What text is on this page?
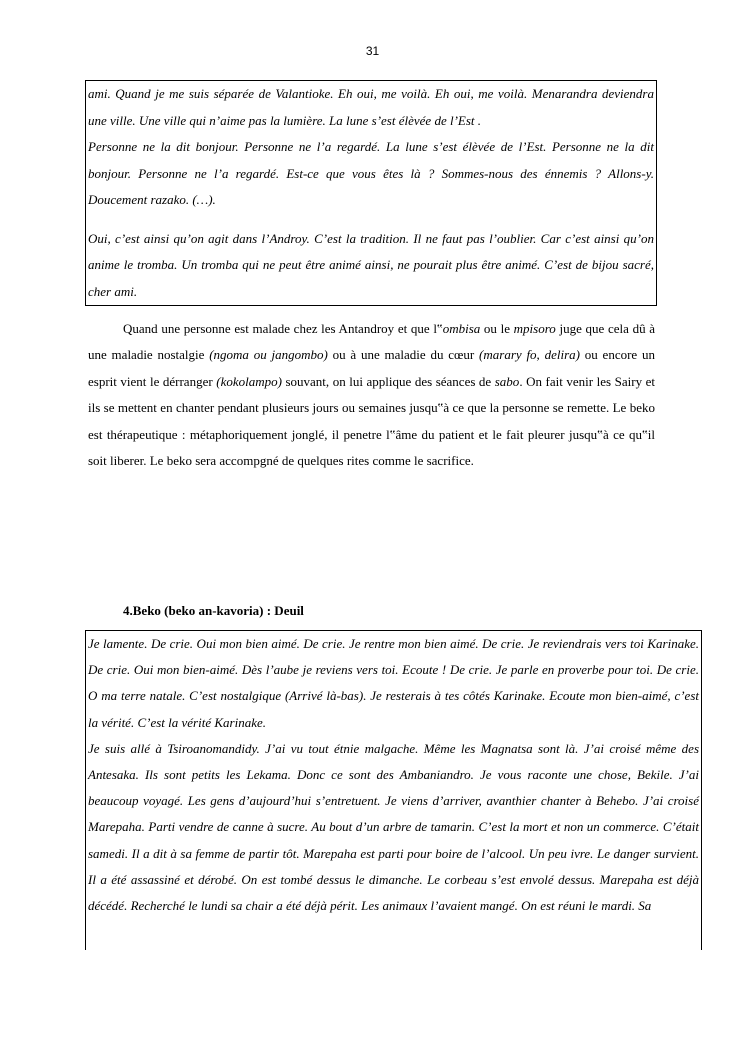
31

ami. Quand je me suis séparée de Valantioke. Eh oui, me voilà. Eh oui, me voilà. Menarandra deviendra une ville. Une ville qui n’aime pas la lumière. La lune s’est élèvée de l’Est .

Personne ne la dit bonjour. Personne ne l’a regardé. La lune s’est élèvée de l’Est. Personne ne la dit bonjour. Personne ne l’a regardé. Est-ce que vous êtes là ? Sommes-nous des énnemis ? Allons-y. Doucement razako. (…).

Oui, c’est ainsi qu’on agit dans l’Androy. C’est la tradition. Il ne faut pas l’oublier. Car c’est ainsi qu’on anime le tromba. Un tromba qui ne peut être animé ainsi, ne pourait plus être animé. C’est de bijou sacré, cher ami.

Quand une personne est malade chez les Antandroy et que l‟ombisa ou le mpisoro juge que cela dû à une maladie nostalgie (ngoma ou jangombo) ou à une maladie du cœur (marary fo, delira) ou encore un esprit vient le dérranger (kokolampo) souvant, on lui applique des séances de sabo. On fait venir les Sairy et ils se mettent en chanter pendant plusieurs jours ou semaines jusqu‟à ce que la personne se remette. Le beko est thérapeutique : métaphoriquement jonglé, il penetre l‟âme du patient et le fait pleurer jusqu‟à ce qu‟il soit liberer. Le beko sera accompgné de quelques rites comme le sacrifice.

4.Beko (beko an-kavoria) : Deuil

Je lamente. De crie. Oui mon bien aimé. De crie. Je rentre mon bien aimé. De crie. Je reviendrais vers toi Karinake. De crie. Oui mon bien-aimé. Dès l’aube je reviens vers toi. Ecoute ! De crie. Je parle en proverbe pour toi. De crie. O ma terre natale. C’est nostalgique (Arrivé là-bas). Je resterais à tes côtés Karinake. Ecoute mon bien-aimé, c’est la vérité. C’est la vérité Karinake.

Je suis allé à Tsiroanomandidy. J’ai vu tout étnie malgache. Même les Magnatsa sont là. J’ai croisé même des Antesaka. Ils sont petits les Lekama. Donc ce sont des Ambaniandro. Je vous raconte une chose, Bekile. J’ai beaucoup voyagé. Les gens d’aujourd’hui s’entretuent. Je viens d’arriver, avanthier chanter à Behebo. J’ai croisé Marepaha. Parti vendre de canne à sucre. Au bout d’un arbre de tamarin. C’est la mort et non un commerce. C’était samedi. Il a dit à sa femme de partir tôt. Marepaha est parti pour boire de l’alcool. Un peu ivre. Le danger survient. Il a été assassiné et dérobé. On est tombé dessus le dimanche. Le corbeau s’est envolé dessus. Marepaha est déjà décédé. Recherché le lundi sa chair a été déjà périt. Les animaux l’avaient mangé. On est réuni le mardi. Sa
